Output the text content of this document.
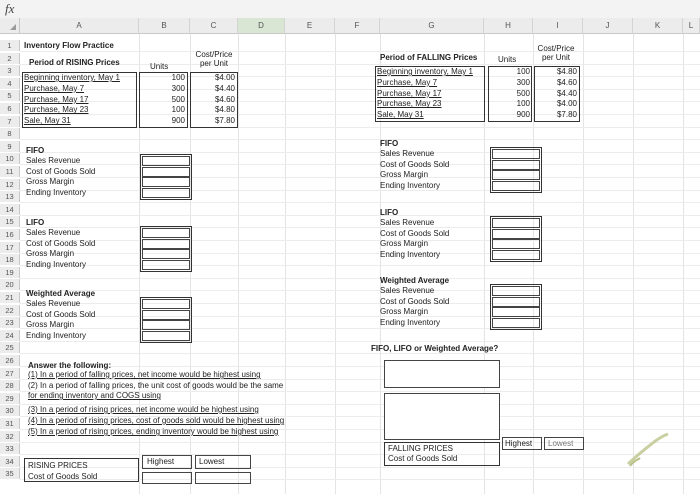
fx
A	B	C	D	E	F	G	H	I	J	K	L
1
2
3
4
5
6
7
8
9
10
11
12
13
14
15
16
17
18
19
20
21
22
23
24
25
26
27
28
29
30
31
32
33
34
35
Inventory Flow Practice
Period of RISING Prices	Units
Cost/Price
per Unit
Beginning inventory, May 1	100	$4.00
Purchase, May 7	300	$4.40
Purchase, May 17	500	$4.60
Purchase, May 23	100	$4.80
Sale, May 31	900	$7.80
Period of FALLING Prices	Units
Cost/Price
per Unit
Beginning inventory, May 1	100	$4.80
Purchase, May 7	300	$4.60
Purchase, May 17	500	$4.40
Purchase, May 23	100	$4.00
Sale, May 31	900	$7.80
FIFO
Sales Revenue
Cost of Goods Sold
Gross Margin
Ending Inventory
LIFO
Sales Revenue
Cost of Goods Sold
Gross Margin
Ending Inventory
Weighted Average
Sales Revenue
Cost of Goods Sold
Gross Margin
Ending Inventory
FIFO
Sales Revenue
Cost of Goods Sold
Gross Margin
Ending Inventory
LIFO
Sales Revenue
Cost of Goods Sold
Gross Margin
Ending Inventory
Weighted Average
Sales Revenue
Cost of Goods Sold
Gross Margin
Ending Inventory
Answer the following:
(1) In a period of falling prices, net income would be highest using
(2) In a period of falling prices, the unit cost of goods would be the same
for ending inventory and COGS using
(3) In a period of rising prices, net income would be highest using
(4) In a period of rising prices, cost of goods sold would be highest using
(5) In a period of rising prices, ending inventory would be highest using
FIFO, LIFO or Weighted Average?
RISING PRICES
Cost of Goods Sold
Highest	Lowest
FALLING PRICES
Cost of Goods Sold
Highest Lowest
